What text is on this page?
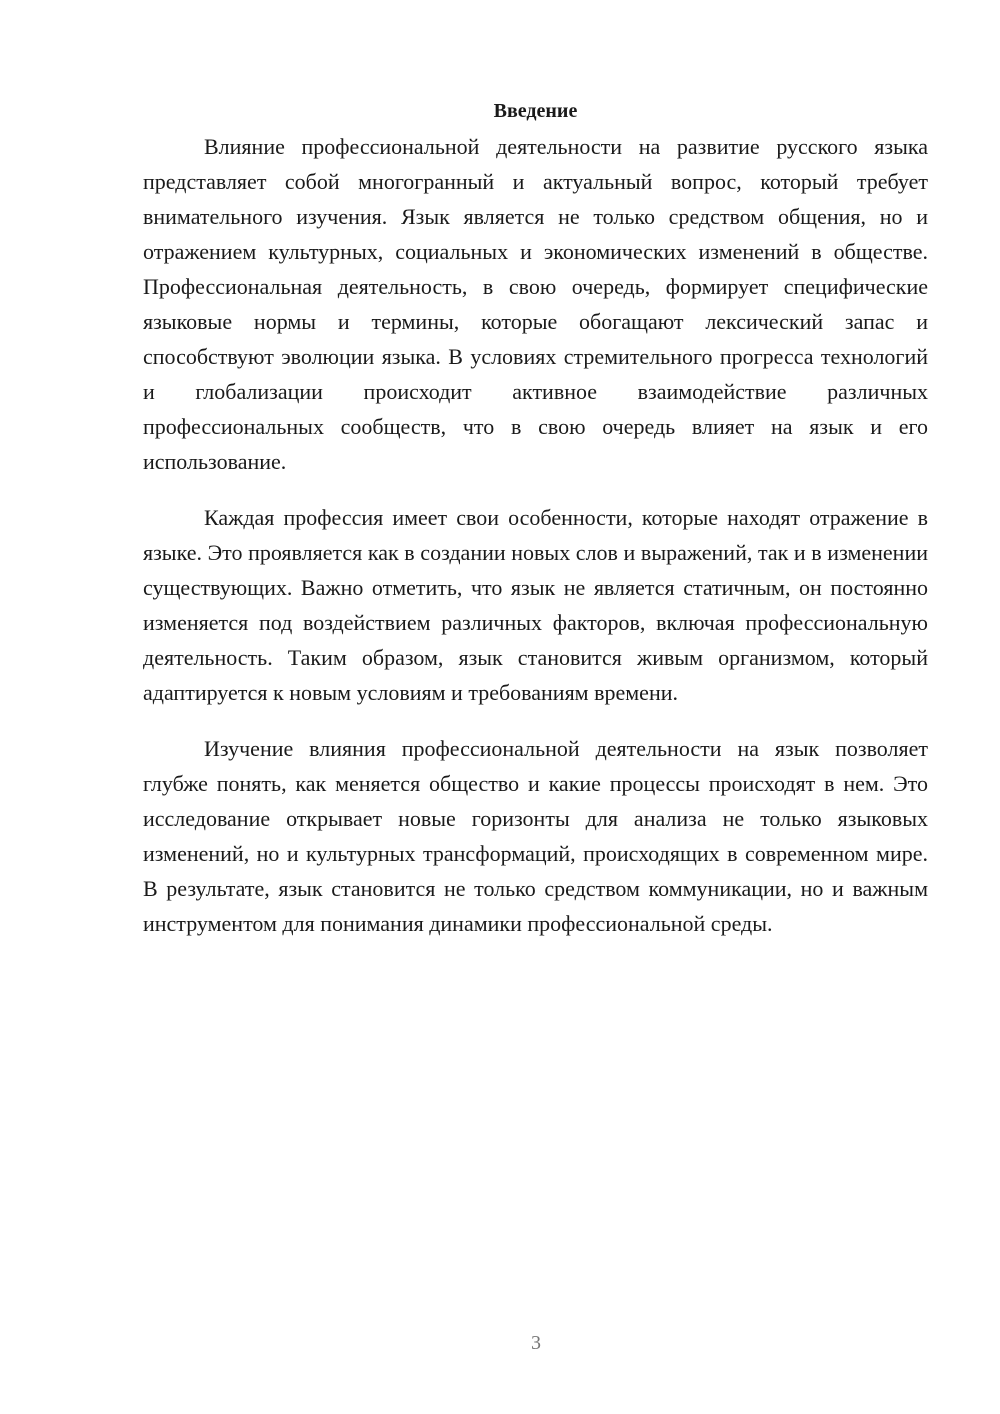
Введение

Влияние профессиональной деятельности на развитие русского языка представляет собой многогранный и актуальный вопрос, который требует внимательного изучения. Язык является не только средством общения, но и отражением культурных, социальных и экономических изменений в обществе. Профессиональная деятельность, в свою очередь, формирует специфические языковые нормы и термины, которые обогащают лексический запас и способствуют эволюции языка. В условиях стремительного прогресса технологий и глобализации происходит активное взаимодействие различных профессиональных сообществ, что в свою очередь влияет на язык и его использование.

Каждая профессия имеет свои особенности, которые находят отражение в языке. Это проявляется как в создании новых слов и выражений, так и в изменении существующих. Важно отметить, что язык не является статичным, он постоянно изменяется под воздействием различных факторов, включая профессиональную деятельность. Таким образом, язык становится живым организмом, который адаптируется к новым условиям и требованиям времени.

Изучение влияния профессиональной деятельности на язык позволяет глубже понять, как меняется общество и какие процессы происходят в нем. Это исследование открывает новые горизонты для анализа не только языковых изменений, но и культурных трансформаций, происходящих в современном мире. В результате, язык становится не только средством коммуникации, но и важным инструментом для понимания динамики профессиональной среды.

3
